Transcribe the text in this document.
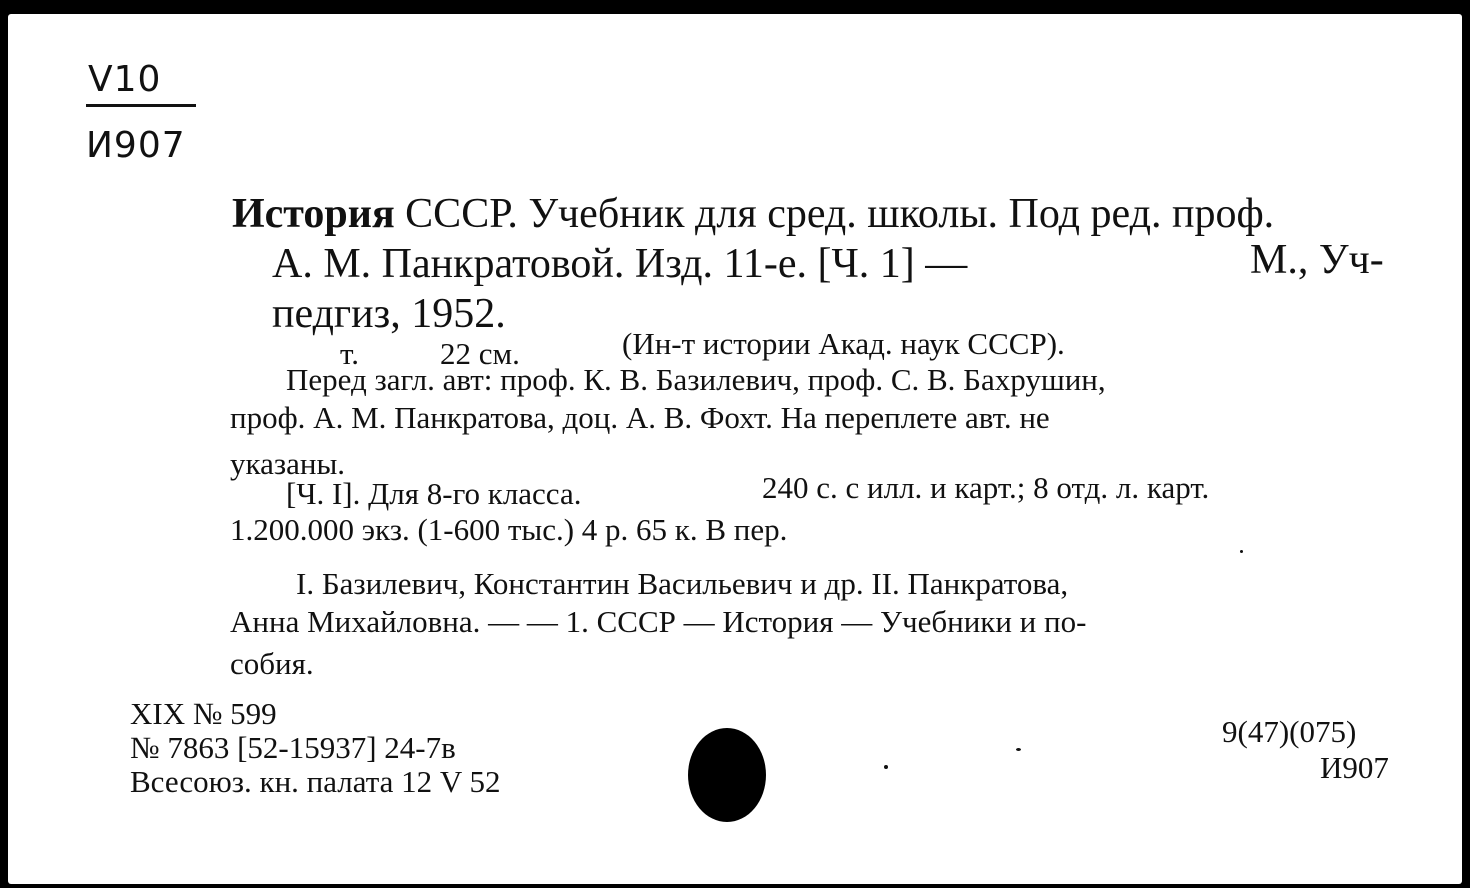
V10
И907
История СССР. Учебник для сред. школы. Под ред. проф.
А. М. Панкратовой. Изд. 11-е. [Ч. 1] —	М., Уч-
педгиз, 1952.
т.	22 см.	(Ин-т истории Акад. наук СССР).
Перед загл. авт: проф. К. В. Базилевич, проф. С. В. Бахрушин,
проф. А. М. Панкратова, доц. А. В. Фохт. На переплете авт. не
указаны.
[Ч. I]. Для 8-го класса.	240 с. с илл. и карт.; 8 отд. л. карт.
1.200.000 экз. (1-600 тыс.) 4 р. 65 к. В пер.
I. Базилевич, Константин Васильевич и др. II. Панкратова,
Анна Михайловна. — — 1. СССР — История — Учебники и по-
собия.
XIX № 599
№ 7863 [52-15937] 24-7в
Всесоюз. кн. палата 12 V 52
9(47)(075)
И907
